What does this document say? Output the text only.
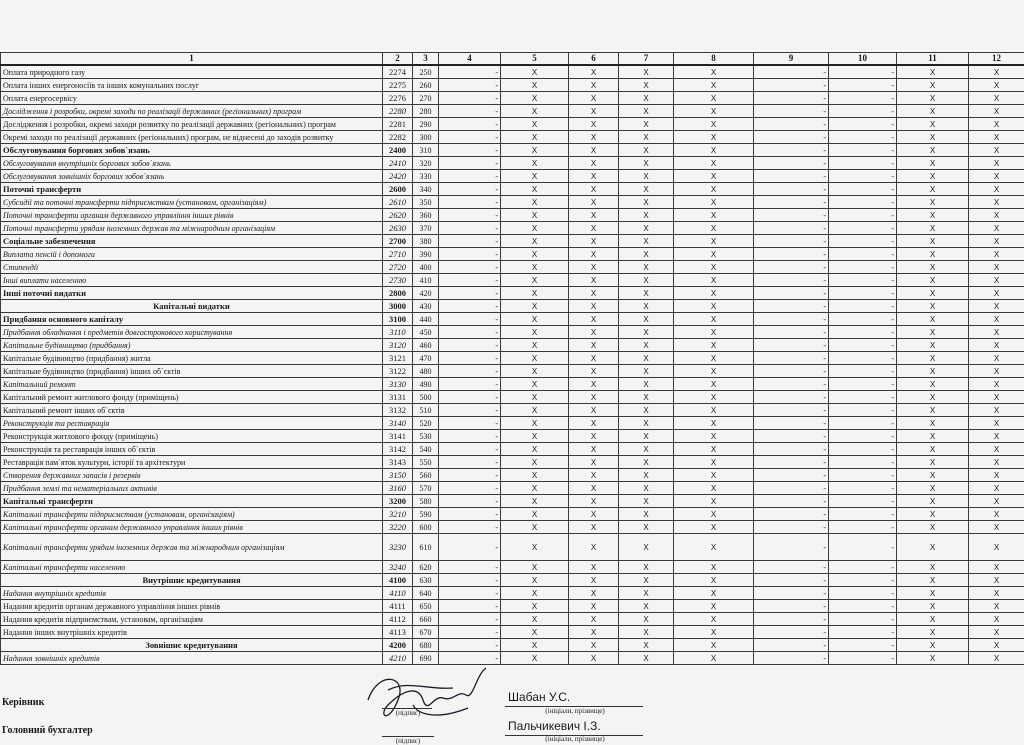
1	2	3	4	5	6	7	8	9	10	11	12
Оплата природного газу	2274	250	-	X	X	X	X	-	-	X	X
Оплата інших енергоносіїв та інших комунальних послуг	2275	260	-	X	X	X	X	-	-	X	X
Оплата енергосервісу	2276	270	-	X	X	X	X	-	-	X	X
Дослідження і розробки, окремі заходи по реалізації державних (регіональних) програм	2280	280	-	X	X	X	X	-	-	X	X
Дослідження і розробки, окремі заходи розвитку по реалізації державних (регіональних) програм	2281	290	-	X	X	X	X	-	-	X	X
Окремі заходи по реалізації державних (регіональних) програм, не віднесені до заходів розвитку	2282	300	-	X	X	X	X	-	-	X	X
Обслуговування боргових зобов`язань	2400	310	-	X	X	X	X	-	-	X	X
Обслуговування внутрішніх боргових зобов`язань	2410	320	-	X	X	X	X	-	-	X	X
Обслуговування зовнішніх боргових зобов`язань	2420	330	-	X	X	X	X	-	-	X	X
Поточні трансферти	2600	340	-	X	X	X	X	-	-	X	X
Субсидії та поточні трансферти підприємствам (установам, організаціям)	2610	350	-	X	X	X	X	-	-	X	X
Поточні трансферти органам державного управління інших рівнів	2620	360	-	X	X	X	X	-	-	X	X
Поточні трансферти урядам іноземних держав та міжнародним організаціям	2630	370	-	X	X	X	X	-	-	X	X
Соціальне забезпечення	2700	380	-	X	X	X	X	-	-	X	X
Виплата пенсій і допомоги	2710	390	-	X	X	X	X	-	-	X	X
Стипендії	2720	400	-	X	X	X	X	-	-	X	X
Інші виплати населенню	2730	410	-	X	X	X	X	-	-	X	X
Інші поточні видатки	2800	420	-	X	X	X	X	-	-	X	X
Капітальні видатки	3000	430	-	X	X	X	X	-	-	X	X
Придбання основного капіталу	3100	440	-	X	X	X	X	-	-	X	X
Придбання обладнання і предметів довгострокового користування	3110	450	-	X	X	X	X	-	-	X	X
Капітальне будівництво (придбання)	3120	460	-	X	X	X	X	-	-	X	X
Капітальне будівництво (придбання) житла	3121	470	-	X	X	X	X	-	-	X	X
Капітальне будівництво (придбання) інших об`єктів	3122	480	-	X	X	X	X	-	-	X	X
Капітальний ремонт	3130	490	-	X	X	X	X	-	-	X	X
Капітальний ремонт житлового фонду (приміщень)	3131	500	-	X	X	X	X	-	-	X	X
Капітальний ремонт інших об`єктів	3132	510	-	X	X	X	X	-	-	X	X
Реконструкція та реставрація	3140	520	-	X	X	X	X	-	-	X	X
Реконструкція житлового фонду (приміщень)	3141	530	-	X	X	X	X	-	-	X	X
Реконструкція та реставрація інших об`єктів	3142	540	-	X	X	X	X	-	-	X	X
Реставрація пам`яток культури, історії та архітектури	3143	550	-	X	X	X	X	-	-	X	X
Створення державних запасів і резервів	3150	560	-	X	X	X	X	-	-	X	X
Придбання землі та нематеріальних активів	3160	570	-	X	X	X	X	-	-	X	X
Капітальні трансферти	3200	580	-	X	X	X	X	-	-	X	X
Капітальні трансферти підприємствам (установам, організаціям)	3210	590	-	X	X	X	X	-	-	X	X
Капітальні трансферти органам державного управління інших рівнів	3220	600	-	X	X	X	X	-	-	X	X
Капітальні трансферти урядам іноземних держав та міжнародним організаціям	3230	610	-	X	X	X	X	-	-	X	X
Капітальні трансферти населенню	3240	620	-	X	X	X	X	-	-	X	X
Внутрішнє кредитування	4100	630	-	X	X	X	X	-	-	X	X
Надання внутрішніх кредитів	4110	640	-	X	X	X	X	-	-	X	X
Надання кредитів органам державного управління інших рівнів	4111	650	-	X	X	X	X	-	-	X	X
Надання кредитів підприємствам, установам, організаціям	4112	660	-	X	X	X	X	-	-	X	X
Надання інших внутрішніх кредитів	4113	670	-	X	X	X	X	-	-	X	X
Зовнішнє кредитування	4200	680	-	X	X	X	X	-	-	X	X
Надання зовнішніх кредитів	4210	690	-	X	X	X	X	-	-	X	X
Керівник
(підпис)
Шабан У.С.
(ініціали, прізвище)
Головний бухгалтер
(підпис)
Пальчикевич І.З.
(ініціали, прізвище)
